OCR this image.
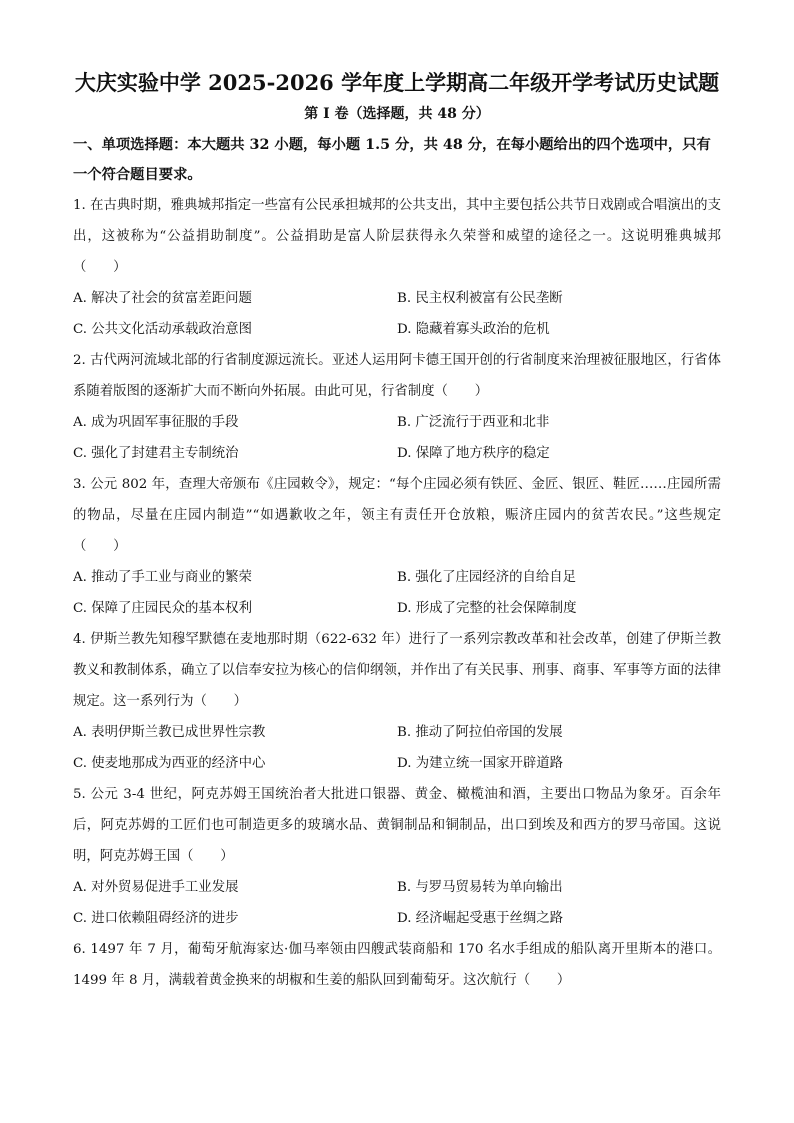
大庆实验中学 2025-2026 学年度上学期高二年级开学考试历史试题
第 I 卷（选择题，共 48 分）
一、单项选择题：本大题共 32 小题，每小题 1.5 分，共 48 分，在每小题给出的四个选项中，只有一个符合题目要求。
1. 在古典时期，雅典城邦指定一些富有公民承担城邦的公共支出，其中主要包括公共节日戏剧或合唱演出的支出，这被称为“公益捐助制度”。公益捐助是富人阶层获得永久荣誉和威望的途径之一。这说明雅典城邦（　　）
A. 解决了社会的贫富差距问题	B. 民主权利被富有公民垄断
C. 公共文化活动承载政治意图	D. 隐藏着寡头政治的危机
2. 古代两河流域北部的行省制度源远流长。亚述人运用阿卡德王国开创的行省制度来治理被征服地区，行省体系随着版图的逐渐扩大而不断向外拓展。由此可见，行省制度（　　）
A. 成为巩固军事征服的手段	B. 广泛流行于西亚和北非
C. 强化了封建君主专制统治	D. 保障了地方秩序的稳定
3. 公元 802 年，查理大帝颁布《庄园敕令》，规定：“每个庄园必须有铁匠、金匠、银匠、鞋匠……庄园所需的物品，尽量在庄园内制造”“如遇歉收之年，领主有责任开仓放粮，赈济庄园内的贫苦农民。”这些规定（　　）
A. 推动了手工业与商业的繁荣	B. 强化了庄园经济的自给自足
C. 保障了庄园民众的基本权利	D. 形成了完整的社会保障制度
4. 伊斯兰教先知穆罕默德在麦地那时期（622-632 年）进行了一系列宗教改革和社会改革，创建了伊斯兰教教义和教制体系，确立了以信奉安拉为核心的信仰纲领，并作出了有关民事、刑事、商事、军事等方面的法律规定。这一系列行为（　　）
A. 表明伊斯兰教已成世界性宗教	B. 推动了阿拉伯帝国的发展
C. 使麦地那成为西亚的经济中心	D. 为建立统一国家开辟道路
5. 公元 3-4 世纪，阿克苏姆王国统治者大批进口银器、黄金、橄榄油和酒，主要出口物品为象牙。百余年后，阿克苏姆的工匠们也可制造更多的玻璃水品、黄铜制品和铜制品，出口到埃及和西方的罗马帝国。这说明，阿克苏姆王国（　　）
A. 对外贸易促进手工业发展	B. 与罗马贸易转为单向输出
C. 进口依赖阻碍经济的进步	D. 经济崛起受惠于丝绸之路
6. 1497 年 7 月，葡萄牙航海家达·伽马率领由四艘武装商船和 170 名水手组成的船队离开里斯本的港口。1499 年 8 月，满载着黄金换来的胡椒和生姜的船队回到葡萄牙。这次航行（　　）
